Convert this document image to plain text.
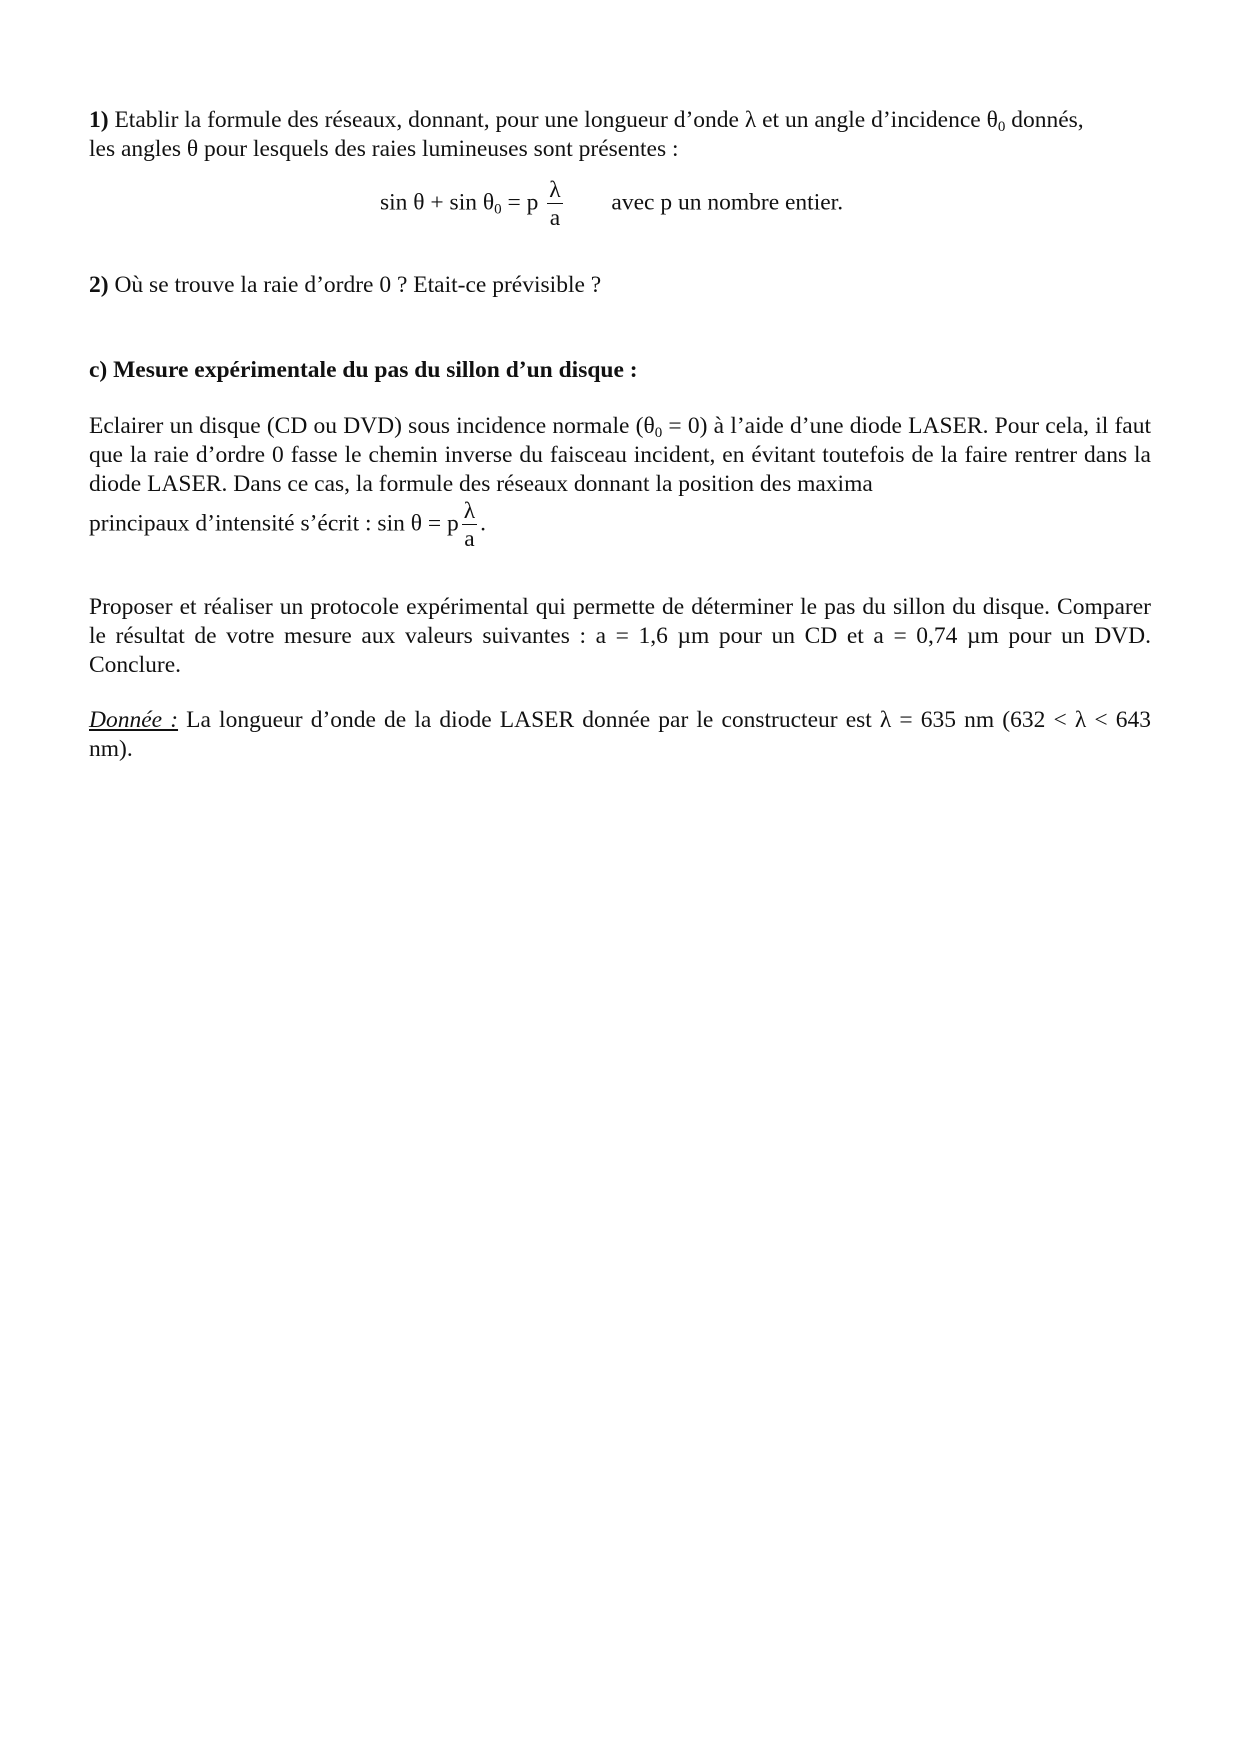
1) Etablir la formule des réseaux, donnant, pour une longueur d’onde λ et un angle d’incidence $\theta_0$ donnés,
les angles θ pour lesquels des raies lumineuses sont présentes :
$\sin \theta + \sin \theta_0 = p \frac{\lambda}{a}$ avec p un nombre entier.
2) Où se trouve la raie d’ordre 0 ? Etait-ce prévisible ?
c) Mesure expérimentale du pas du sillon d’un disque :
Eclairer un disque (CD ou DVD) sous incidence normale $(\theta_0 = 0)$ à l’aide d’une diode LASER. Pour cela, il faut que la raie d’ordre 0 fasse le chemin inverse du faisceau incident, en évitant toutefois de la faire rentrer dans la diode LASER. Dans ce cas, la formule des réseaux donnant la position des maxima
principaux d’intensité s’écrit : sin θ = p $\frac{\lambda}{a}$ .
Proposer et réaliser un protocole expérimental qui permette de déterminer le pas du sillon du disque. Comparer le résultat de votre mesure aux valeurs suivantes : a = 1,6 µm pour un CD et a = 0,74 µm pour un DVD. Conclure.
Donnée : La longueur d’onde de la diode LASER donnée par le constructeur est λ = 635 nm (632 < λ < 643 nm).
